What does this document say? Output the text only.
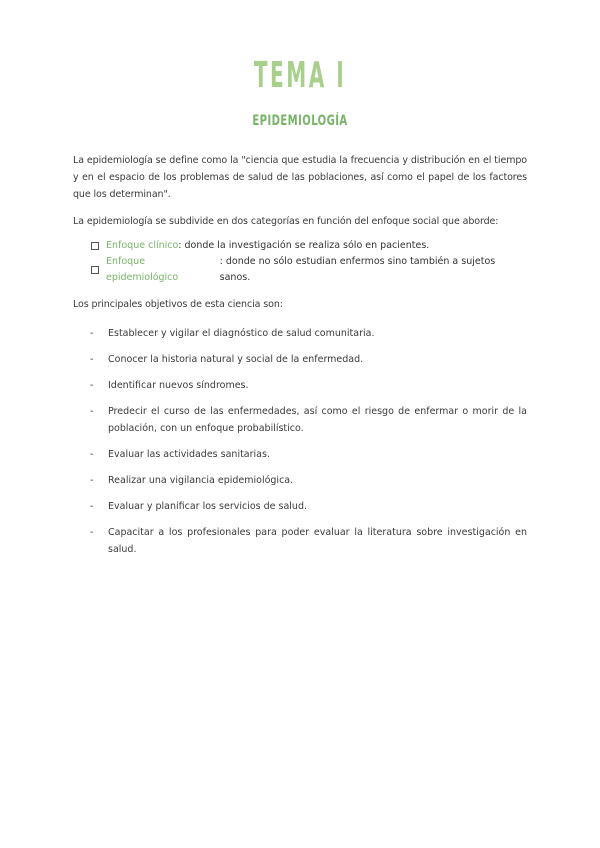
TEMA I
EPIDEMIOLOGÍA

La epidemiología se define como la "ciencia que estudia la frecuencia y distribución en el tiempo y en el espacio de los problemas de salud de las poblaciones, así como el papel de los factores que los determinan".

La epidemiología se subdivide en dos categorías en función del enfoque social que aborde:

Enfoque clínico : donde la investigación se realiza sólo en pacientes.
Enfoque epidemiológico
: donde no sólo estudian enfermos sino también a sujetos sanos.

Los principales objetivos de esta ciencia son:

-	Establecer y vigilar el diagnóstico de salud comunitaria.
-	Conocer la historia natural y social de la enfermedad.
-	Identificar nuevos síndromes.
-	Predecir el curso de las enfermedades, así como el riesgo de enfermar o morir de la población, con un enfoque probabilístico.
-	Evaluar las actividades sanitarias.
-	Realizar una vigilancia epidemiológica.
-	Evaluar y planificar los servicios de salud.
-	Capacitar a los profesionales para poder evaluar la literatura sobre investigación en salud.
